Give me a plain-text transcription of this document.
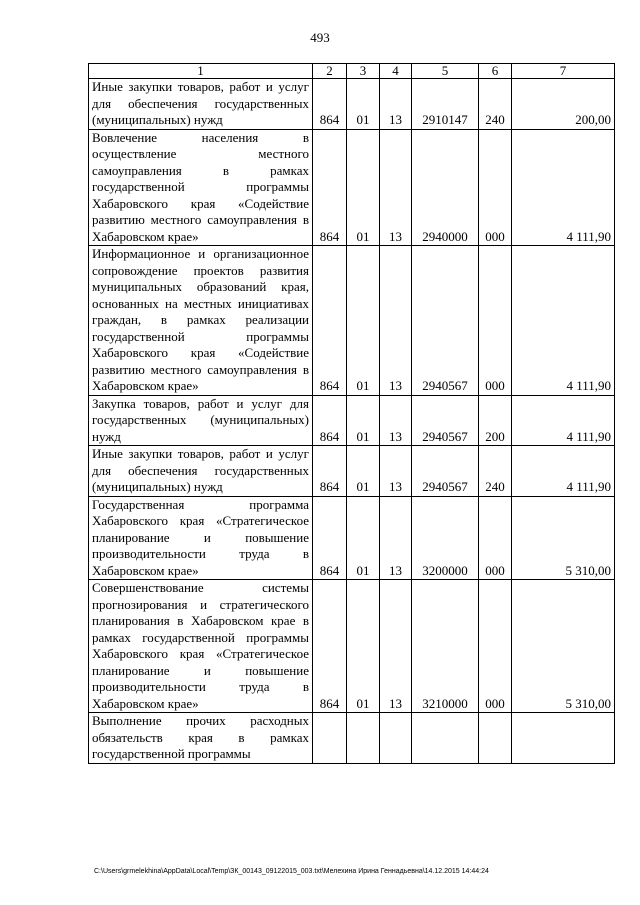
493
1	2	3	4	5	6	7
Иные закупки товаров, работ и услуг для обеспечения государственных (муниципальных) нужд	864	01	13	2910147	240	200,00
Вовлечение населения в осуществление местного самоуправления в рамках государственной программы Хабаровского края «Содействие развитию местного самоуправления в Хабаровском крае»	864	01	13	2940000	000	4 111,90
Информационное и организационное сопровождение проектов развития муниципальных образований края, основанных на местных инициативах граждан, в рамках реализации государственной программы Хабаровского края «Содействие развитию местного самоуправления в Хабаровском крае»	864	01	13	2940567	000	4 111,90
Закупка товаров, работ и услуг для государственных (муниципальных) нужд	864	01	13	2940567	200	4 111,90
Иные закупки товаров, работ и услуг для обеспечения государственных (муниципальных) нужд	864	01	13	2940567	240	4 111,90
Государственная программа Хабаровского края «Стратегическое планирование и повышение производительности труда в Хабаровском крае»	864	01	13	3200000	000	5 310,00
Совершенствование системы прогнозирования и стратегического планирования в Хабаровском крае в рамках государственной программы Хабаровского края «Стратегическое планирование и повышение производительности труда в Хабаровском крае»	864	01	13	3210000	000	5 310,00
Выполнение прочих расходных обязательств края в рамках государственной программы						
C:\Users\grmelekhina\AppData\Local\Temp\ЗК_00143_09122015_003.txt\Мелехина Ирина Геннадьевна\14.12.2015 14:44:24
